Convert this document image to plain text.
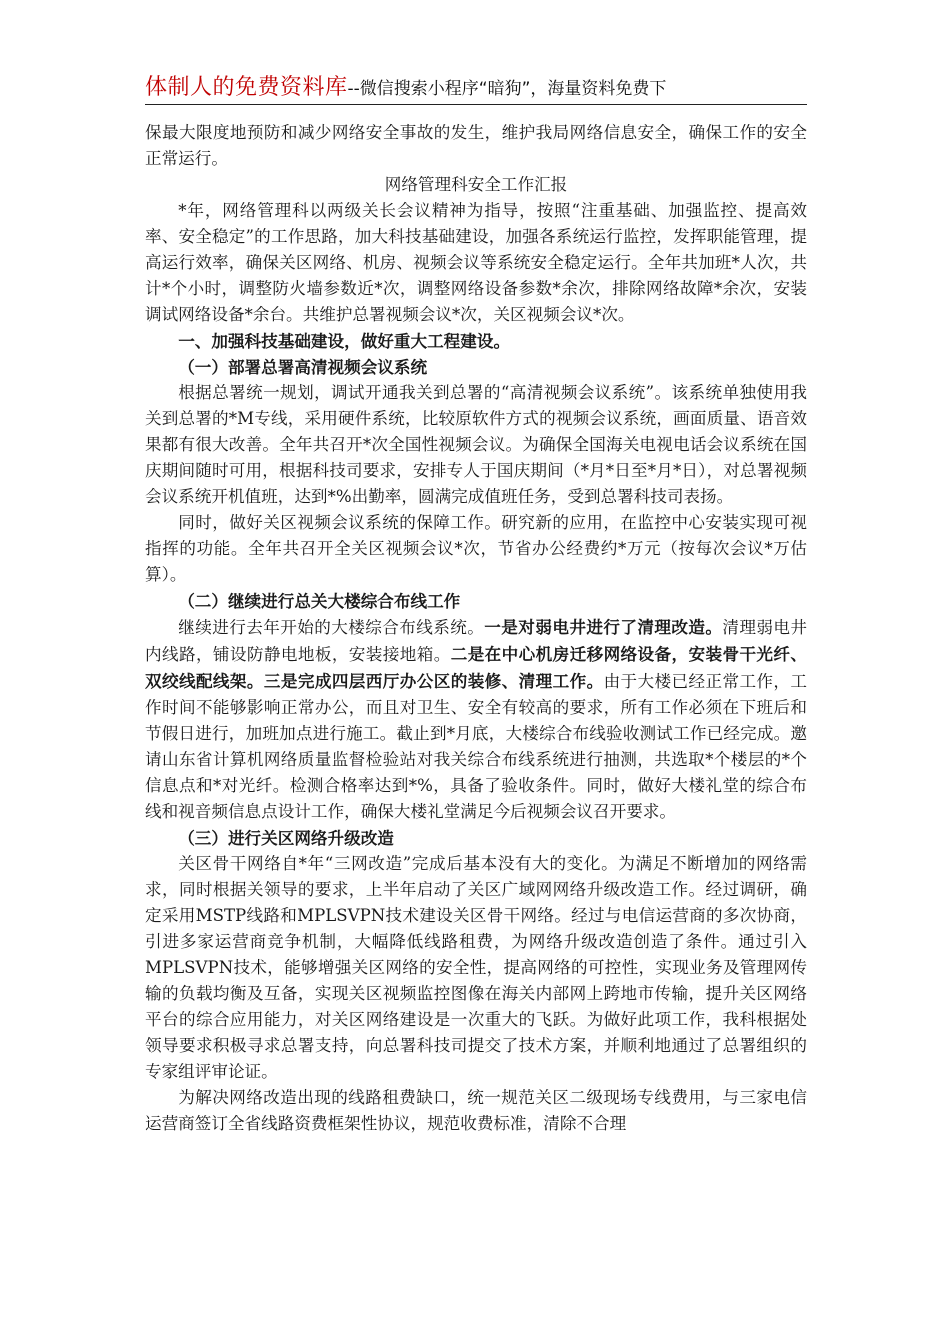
体制人的免费资料库--微信搜索小程序“暗狗”，海量资料免费下

保最大限度地预防和减少网络安全事故的发生，维护我局网络信息安全，确保工作的安全正常运行。

网络管理科安全工作汇报

*年，网络管理科以两级关长会议精神为指导，按照“注重基础、加强监控、提高效率、安全稳定”的工作思路，加大科技基础建设，加强各系统运行监控，发挥职能管理，提高运行效率，确保关区网络、机房、视频会议等系统安全稳定运行。全年共加班*人次，共计*个小时，调整防火墙参数近*次，调整网络设备参数*余次，排除网络故障*余次，安装调试网络设备*余台。共维护总署视频会议*次，关区视频会议*次。

一、加强科技基础建设，做好重大工程建设。

（一）部署总署高清视频会议系统

根据总署统一规划，调试开通我关到总署的“高清视频会议系统”。该系统单独使用我关到总署的*M专线，采用硬件系统，比较原软件方式的视频会议系统，画面质量、语音效果都有很大改善。全年共召开*次全国性视频会议。为确保全国海关电视电话会议系统在国庆期间随时可用，根据科技司要求，安排专人于国庆期间（*月*日至*月*日），对总署视频会议系统开机值班，达到*%出勤率，圆满完成值班任务，受到总署科技司表扬。

同时，做好关区视频会议系统的保障工作。研究新的应用，在监控中心安装实现可视指挥的功能。全年共召开全关区视频会议*次，节省办公经费约*万元（按每次会议*万估算）。

（二）继续进行总关大楼综合布线工作

继续进行去年开始的大楼综合布线系统。一是对弱电井进行了清理改造。清理弱电井内线路，铺设防静电地板，安装接地箱。二是在中心机房迁移网络设备，安装骨干光纤、双绞线配线架。三是完成四层西厅办公区的装修、清理工作。由于大楼已经正常工作，工作时间不能够影响正常办公，而且对卫生、安全有较高的要求，所有工作必须在下班后和节假日进行，加班加点进行施工。截止到*月底，大楼综合布线验收测试工作已经完成。邀请山东省计算机网络质量监督检验站对我关综合布线系统进行抽测，共选取*个楼层的*个信息点和*对光纤。检测合格率达到*%，具备了验收条件。同时，做好大楼礼堂的综合布线和视音频信息点设计工作，确保大楼礼堂满足今后视频会议召开要求。

（三）进行关区网络升级改造

关区骨干网络自*年“三网改造”完成后基本没有大的变化。为满足不断增加的网络需求，同时根据关领导的要求，上半年启动了关区广域网网络升级改造工作。经过调研，确定采用MSTP线路和MPLSVPN技术建设关区骨干网络。经过与电信运营商的多次协商，引进多家运营商竞争机制，大幅降低线路租费，为网络升级改造创造了条件。通过引入MPLSVPN技术，能够增强关区网络的安全性，提高网络的可控性，实现业务及管理网传输的负载均衡及互备，实现关区视频监控图像在海关内部网上跨地市传输，提升关区网络平台的综合应用能力，对关区网络建设是一次重大的飞跃。为做好此项工作，我科根据处领导要求积极寻求总署支持，向总署科技司提交了技术方案，并顺利地通过了总署组织的专家组评审论证。

为解决网络改造出现的线路租费缺口，统一规范关区二级现场专线费用，与三家电信运营商签订全省线路资费框架性协议，规范收费标准，清除不合理
